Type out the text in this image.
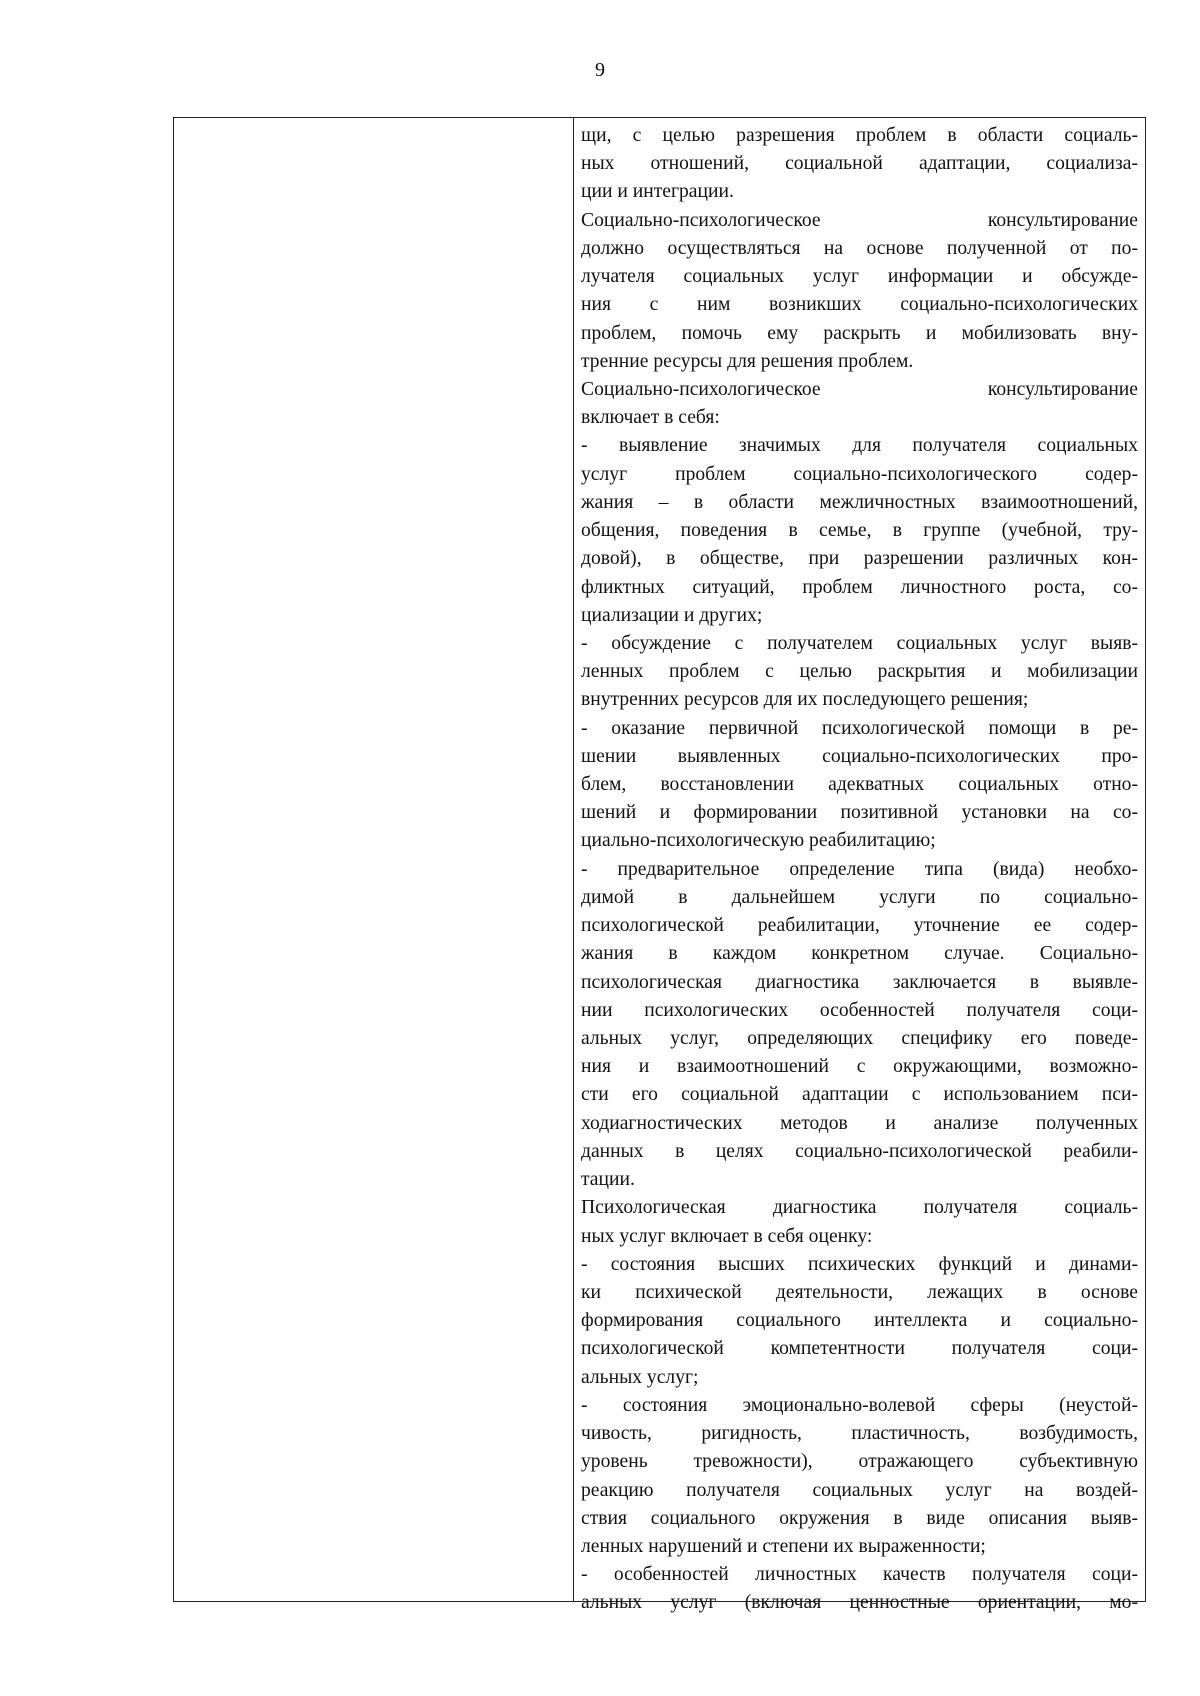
9
щи, с целью разрешения проблем в области социаль-
ных отношений, социальной адаптации, социализа-
ции и интеграции.
Социально-психологическое консультирование
должно осуществляться на основе полученной от по-
лучателя социальных услуг информации и обсужде-
ния с ним возникших социально-психологических
проблем, помочь ему раскрыть и мобилизовать вну-
тренние ресурсы для решения проблем.
Социально-психологическое консультирование
включает в себя:
- выявление значимых для получателя социальных
услуг проблем социально-психологического содер-
жания – в области межличностных взаимоотношений,
общения, поведения в семье, в группе (учебной, тру-
довой), в обществе, при разрешении различных кон-
фликтных ситуаций, проблем личностного роста, со-
циализации и других;
- обсуждение с получателем социальных услуг выяв-
ленных проблем с целью раскрытия и мобилизации
внутренних ресурсов для их последующего решения;
- оказание первичной психологической помощи в ре-
шении выявленных социально-психологических про-
блем, восстановлении адекватных социальных отно-
шений и формировании позитивной установки на со-
циально-психологическую реабилитацию;
- предварительное определение типа (вида) необхо-
димой в дальнейшем услуги по социально-
психологической реабилитации, уточнение ее содер-
жания в каждом конкретном случае. Социально-
психологическая диагностика заключается в выявле-
нии психологических особенностей получателя соци-
альных услуг, определяющих специфику его поведе-
ния и взаимоотношений с окружающими, возможно-
сти его социальной адаптации с использованием пси-
ходиагностических методов и анализе полученных
данных в целях социально-психологической реабили-
тации.
Психологическая диагностика получателя социаль-
ных услуг включает в себя оценку:
- состояния высших психических функций и динами-
ки психической деятельности, лежащих в основе
формирования социального интеллекта и социально-
психологической компетентности получателя соци-
альных услуг;
- состояния эмоционально-волевой сферы (неустой-
чивость, ригидность, пластичность, возбудимость,
уровень тревожности), отражающего субъективную
реакцию получателя социальных услуг на воздей-
ствия социального окружения в виде описания выяв-
ленных нарушений и степени их выраженности;
- особенностей личностных качеств получателя соци-
альных услуг (включая ценностные ориентации, мо-
